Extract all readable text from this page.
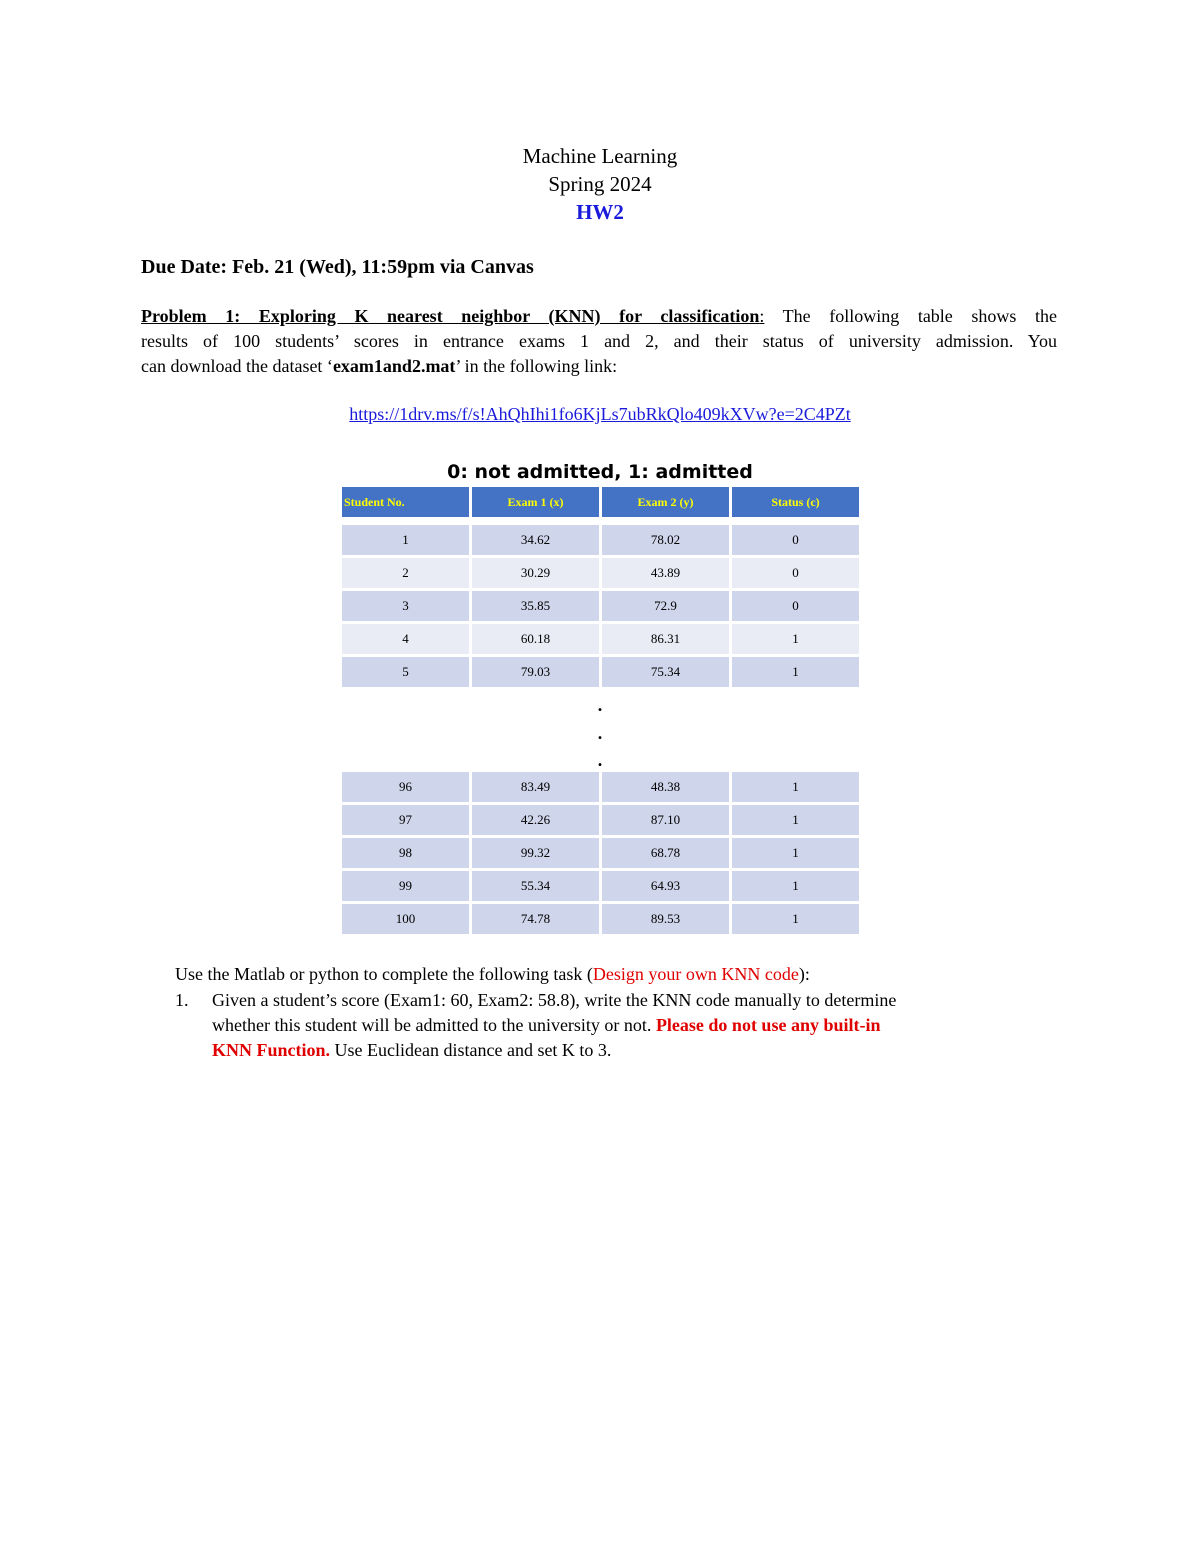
Machine Learning
Spring 2024
HW2
Due Date: Feb. 21 (Wed), 11:59pm via Canvas
Problem 1: Exploring K nearest neighbor (KNN) for classification: The following table shows the
results of 100 students’ scores in entrance exams 1 and 2, and their status of university admission. You
can download the dataset ‘exam1and2.mat’ in the following link:
https://1drv.ms/f/s!AhQhIhi1fo6KjLs7ubRkQlo409kXVw?e=2C4PZt
0: not admitted, 1: admitted
Student No.	Exam 1 (x)	Exam 2 (y)	Status (c)
1	34.62	78.02	0
2	30.29	43.89	0
3	35.85	72.9	0
4	60.18	86.31	1
5	79.03	75.34	1
.
.
.
96	83.49	48.38	1
97	42.26	87.10	1
98	99.32	68.78	1
99	55.34	64.93	1
100	74.78	89.53	1
Use the Matlab or python to complete the following task (Design your own KNN code):
1.	Given a student’s score (Exam1: 60, Exam2: 58.8), write the KNN code manually to determine
whether this student will be admitted to the university or not. Please do not use any built-in
KNN Function. Use Euclidean distance and set K to 3.
